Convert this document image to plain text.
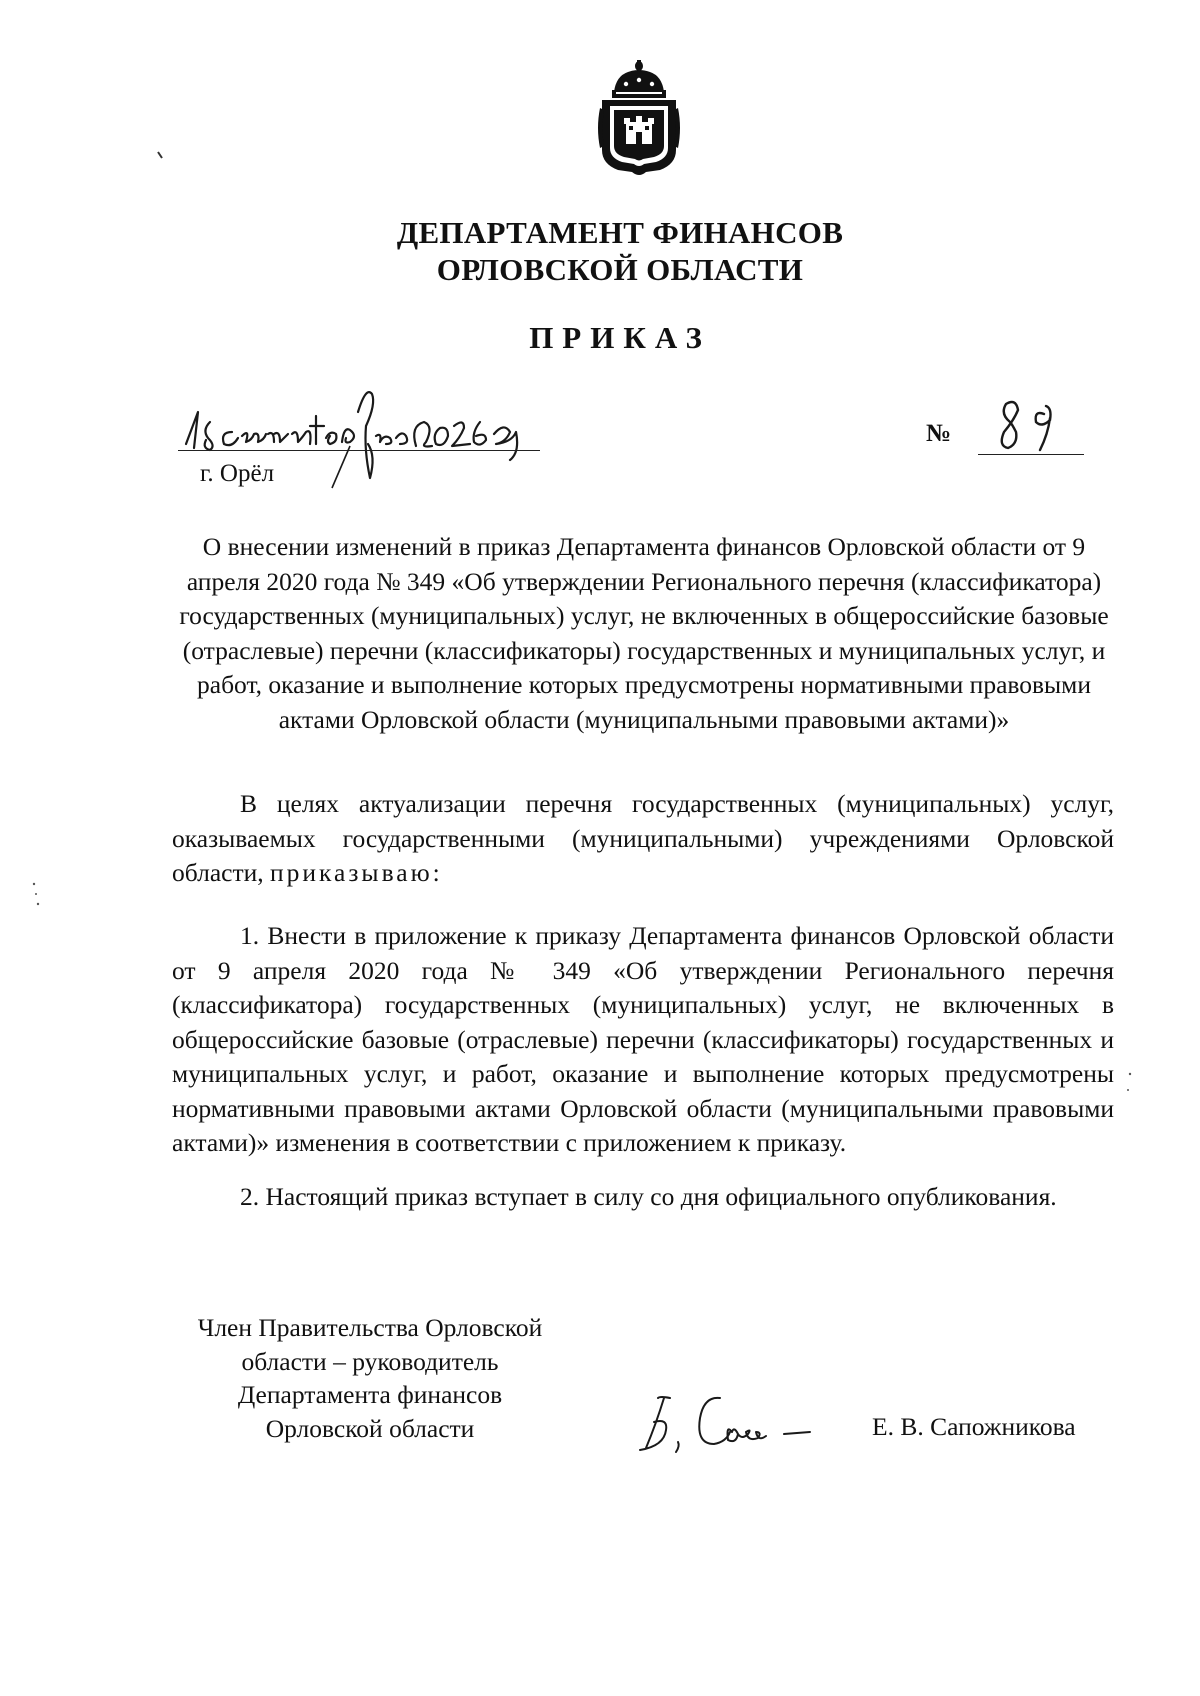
ДЕПАРТАМЕНТ ФИНАНСОВ
ОРЛОВСКОЙ ОБЛАСТИ
ПРИКАЗ
г. Орёл
№
О внесении изменений в приказ Департамента финансов Орловской области от 9 апреля 2020 года № 349 «Об утверждении Регионального перечня (классификатора) государственных (муниципальных) услуг, не включенных в общероссийские базовые (отраслевые) перечни (классификаторы) государственных и муниципальных услуг, и работ, оказание и выполнение которых предусмотрены нормативными правовыми актами Орловской области (муниципальными правовыми актами)»
В целях актуализации перечня государственных (муниципальных) услуг, оказываемых государственными (муниципальными) учреждениями Орловской области, приказываю:
1. Внести в приложение к приказу Департамента финансов Орловской области от 9 апреля 2020 года № 349 «Об утверждении Регионального перечня (классификатора) государственных (муниципальных) услуг, не включенных в общероссийские базовые (отраслевые) перечни (классификаторы) государственных и муниципальных услуг, и работ, оказание и выполнение которых предусмотрены нормативными правовыми актами Орловской области (муниципальными правовыми актами)» изменения в соответствии с приложением к приказу.
2. Настоящий приказ вступает в силу со дня официального опубликования.
Член Правительства Орловской
области – руководитель
Департамента финансов
Орловской области	Е. В. Сапожникова
